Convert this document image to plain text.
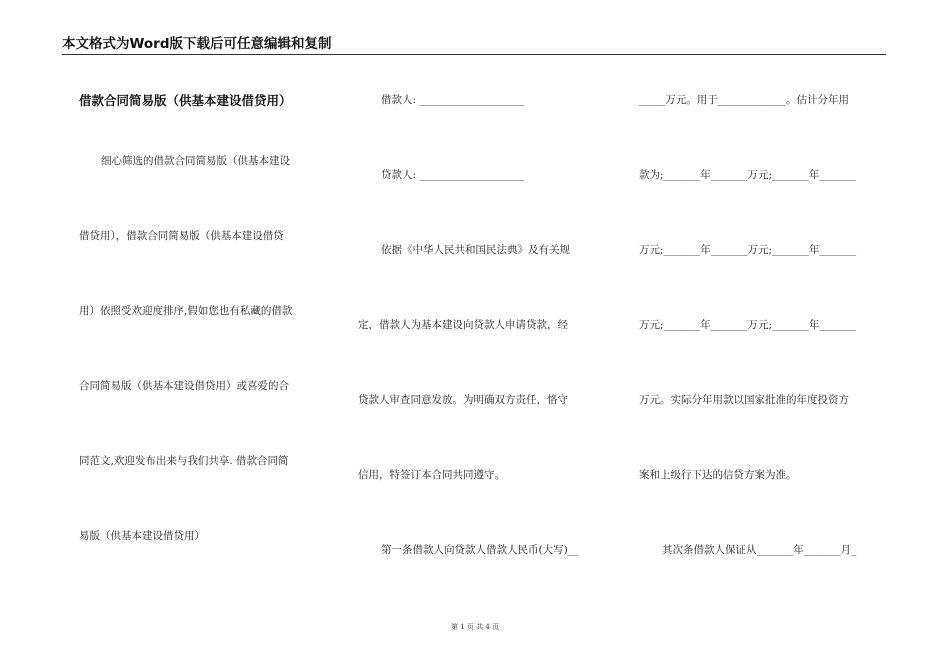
本文格式为Word版下载后可任意编辑和复制
借款合同简易版（供基本建设借贷用）
细心筛选的借款合同简易版（供基本建设
借贷用），借款合同简易版（供基本建设借贷
用）依照受欢迎度排序,假如您也有私藏的借款
合同简易版（供基本建设借贷用）或喜爱的合
同范文,欢迎发布出来与我们共享. 借款合同简
易版（供基本建设借贷用）
借款人: ____________________
贷款人: ____________________
依据《中华人民共和国民法典》及有关规
定，借款人为基本建设向贷款人申请贷款，经
贷款人审查同意发放。为明确双方责任，恪守
信用，特签订本合同共同遵守。
第一条借款人向贷款人借款人民币(大写)__
_____万元。用于_____________。估计分年用
款为;_______年_______万元;_______年_______
万元;_______年_______万元;_______年_______
万元;_______年_______万元;_______年_______
万元。实际分年用款以国家批准的年度投资方
案和上级行下达的信贷方案为准。
其次条借款人保证从_______年_______月_
第 1 页 共 4 页
